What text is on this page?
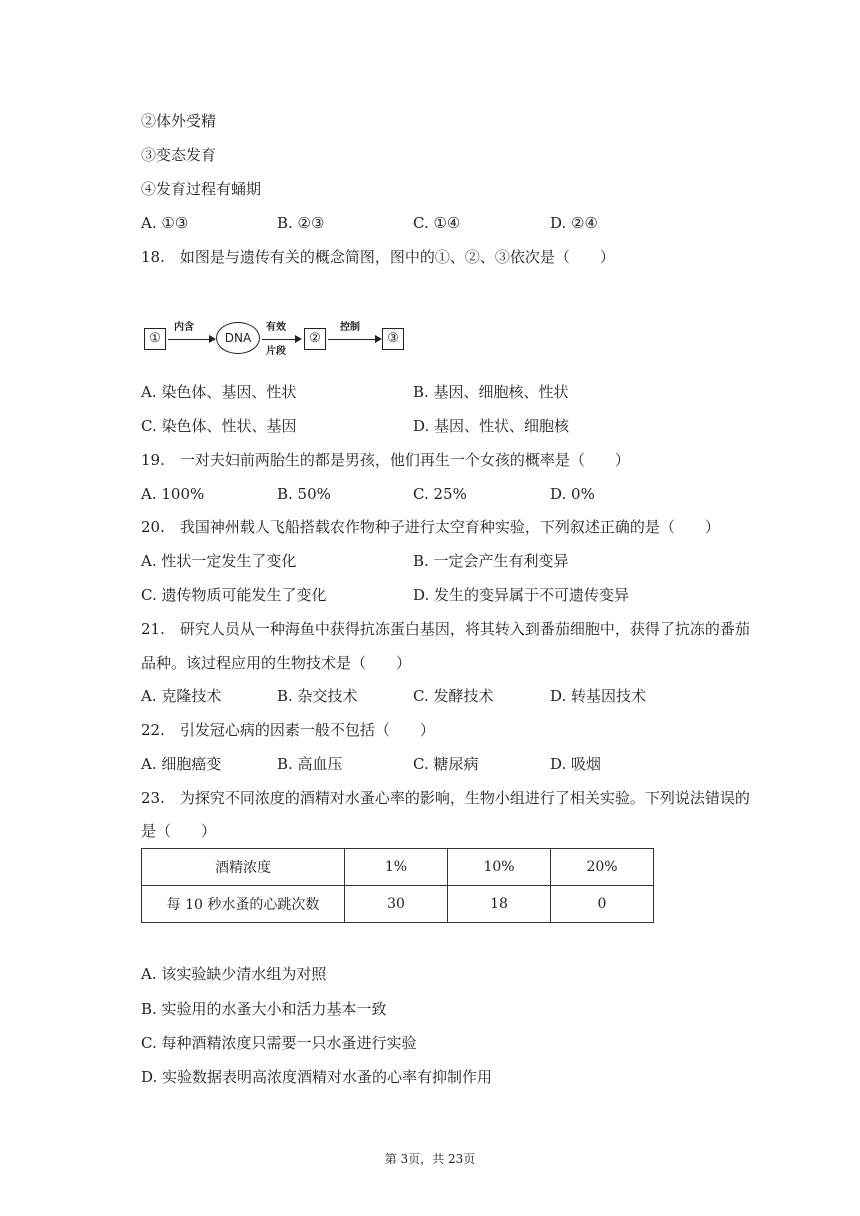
②体外受精
③变态发育
④发育过程有蛹期
A. ①③	B. ②③	C. ①④	D. ②④
18.　如图是与遗传有关的概念简图，图中的①、②、③依次是（　　）
①
内含
DNA
有效
片段
②
控制
③
A. 染色体、基因、性状	B. 基因、细胞核、性状
C. 染色体、性状、基因	D. 基因、性状、细胞核
19.　一对夫妇前两胎生的都是男孩，他们再生一个女孩的概率是（　　）
A. 100%	B. 50%	C. 25%	D. 0%
20.　我国神州载人飞船搭载农作物种子进行太空育种实验，下列叙述正确的是（　　）
A. 性状一定发生了变化	B. 一定会产生有利变异
C. 遗传物质可能发生了变化	D. 发生的变异属于不可遗传变异
21.　研究人员从一种海鱼中获得抗冻蛋白基因，将其转入到番茄细胞中，获得了抗冻的番茄
品种。该过程应用的生物技术是（　　）
A. 克隆技术	B. 杂交技术	C. 发酵技术	D. 转基因技术
22.　引发冠心病的因素一般不包括（　　）
A. 细胞癌变	B. 高血压	C. 糖尿病	D. 吸烟
23.　为探究不同浓度的酒精对水蚤心率的影响，生物小组进行了相关实验。下列说法错误的
是（　　）
酒精浓度	1%	10%	20%
每 10 秒水蚤的心跳次数	30	18	0
A. 该实验缺少清水组为对照
B. 实验用的水蚤大小和活力基本一致
C. 每种酒精浓度只需要一只水蚤进行实验
D. 实验数据表明高浓度酒精对水蚤的心率有抑制作用
第 3页，共 23页
